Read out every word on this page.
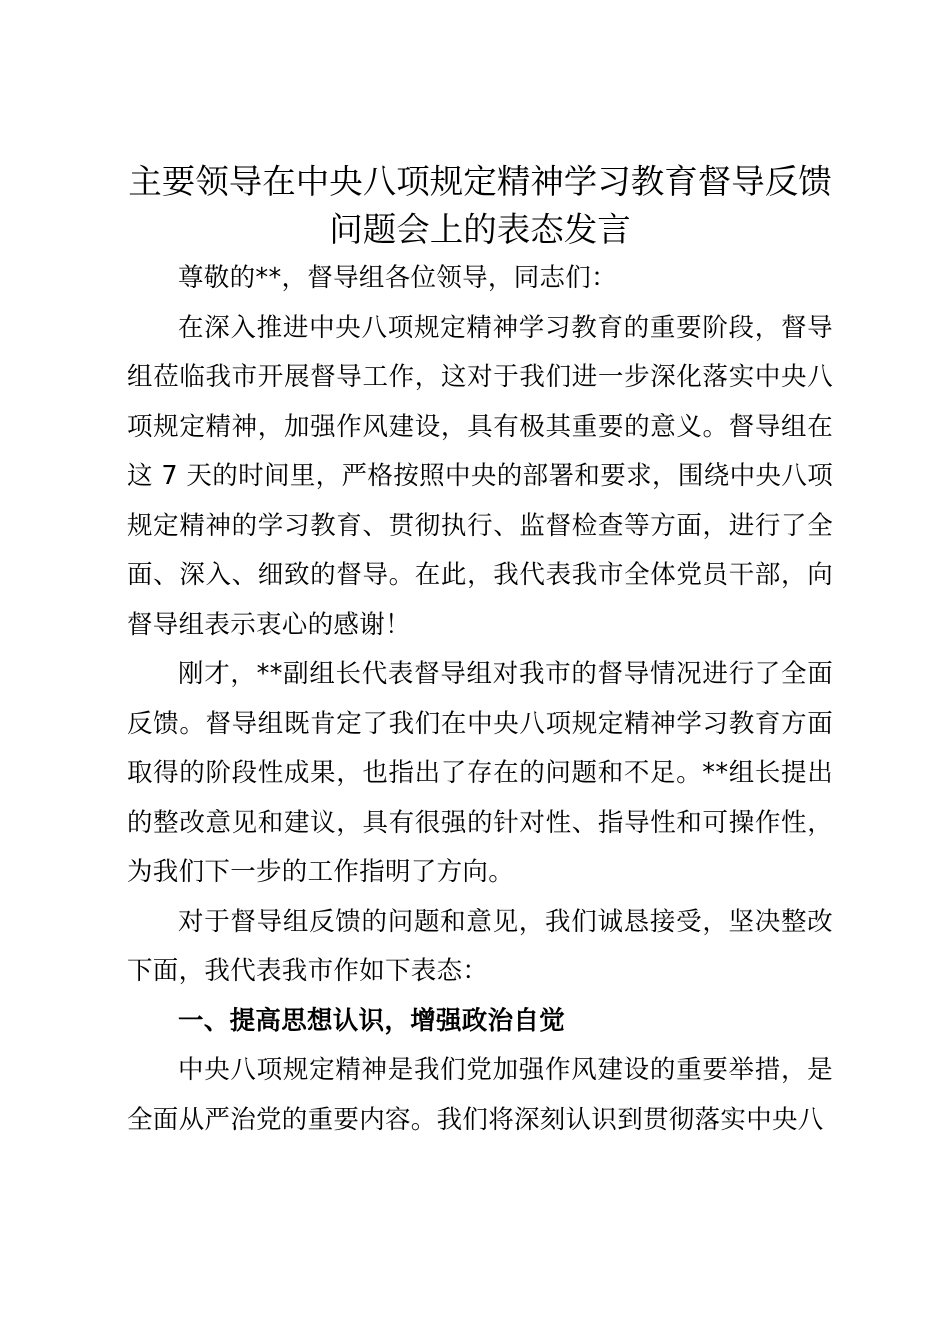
主要领导在中央八项规定精神学习教育督导反馈问题会上的表态发言

尊敬的**，督导组各位领导，同志们：

在深入推进中央八项规定精神学习教育的重要阶段，督导组莅临我市开展督导工作，这对于我们进一步深化落实中央八项规定精神，加强作风建设，具有极其重要的意义。督导组在这 7 天的时间里，严格按照中央的部署和要求，围绕中央八项规定精神的学习教育、贯彻执行、监督检查等方面，进行了全面、深入、细致的督导。在此，我代表我市全体党员干部，向督导组表示衷心的感谢！

刚才，**副组长代表督导组对我市的督导情况进行了全面反馈。督导组既肯定了我们在中央八项规定精神学习教育方面取得的阶段性成果，也指出了存在的问题和不足。**组长提出的整改意见和建议，具有很强的针对性、指导性和可操作性，为我们下一步的工作指明了方向。

对于督导组反馈的问题和意见，我们诚恳接受，坚决整改下面，我代表我市作如下表态：

一、提高思想认识，增强政治自觉

中央八项规定精神是我们党加强作风建设的重要举措，是全面从严治党的重要内容。我们将深刻认识到贯彻落实中央八
